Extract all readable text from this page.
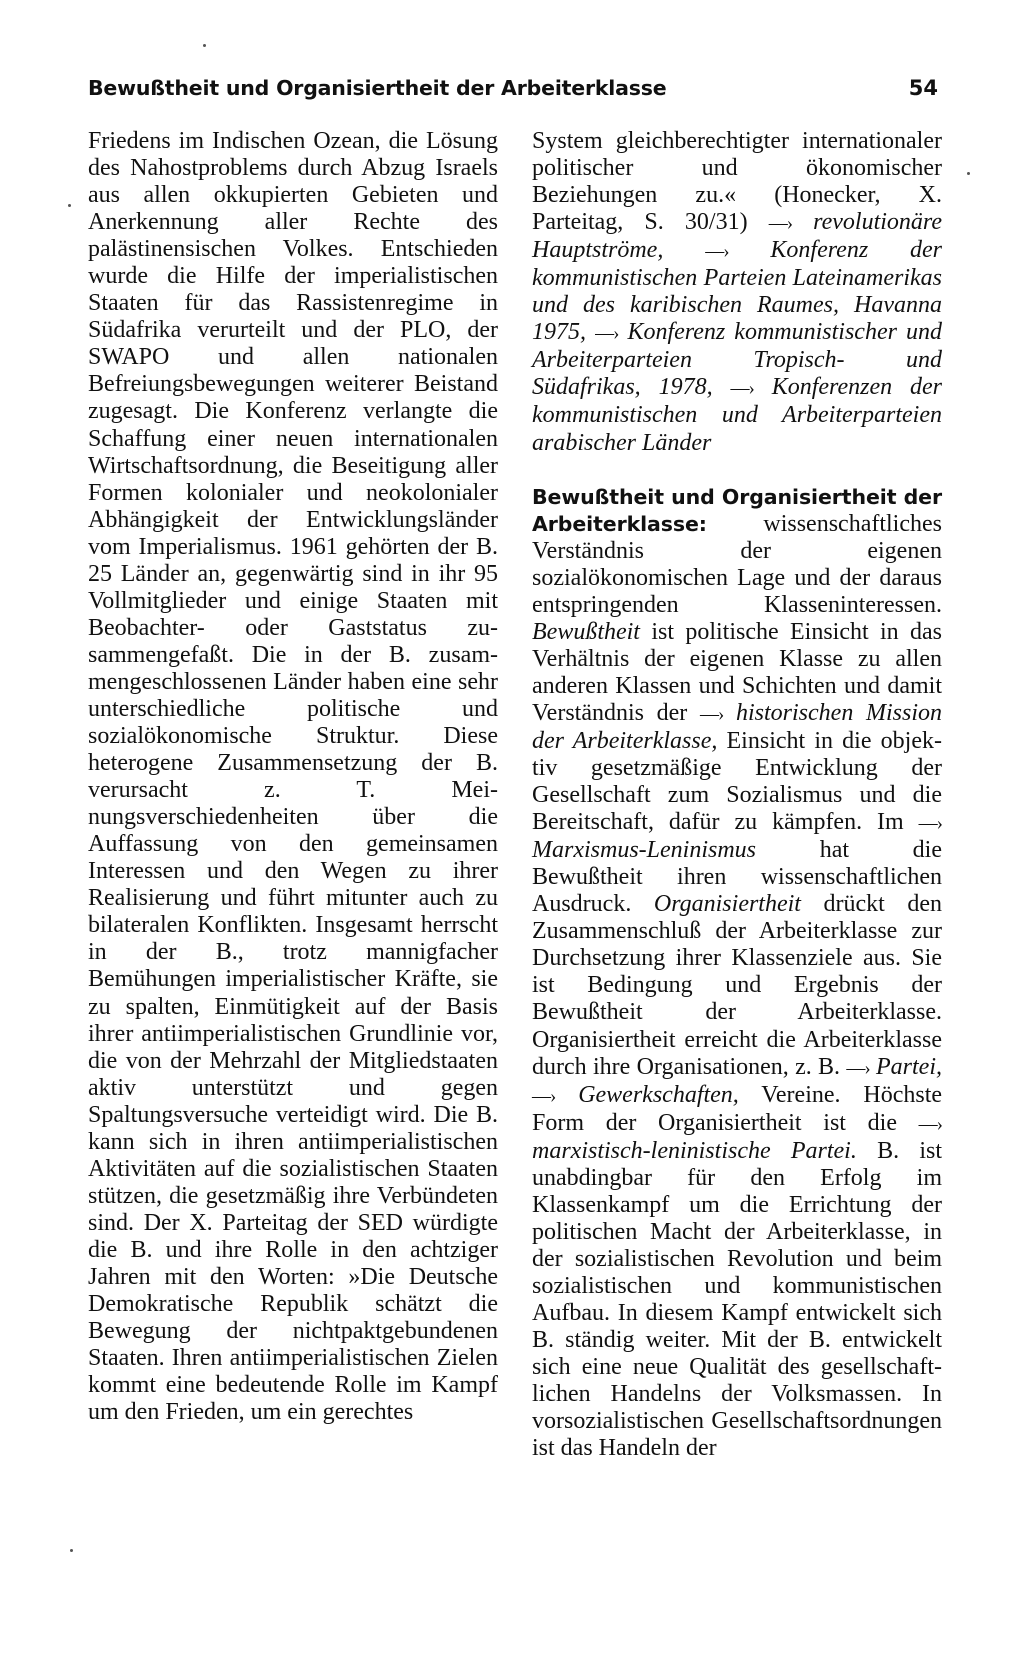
Bewußtheit und Organisiertheit der Arbeiterklasse	54

Friedens im Indischen Ozean, die Lösung des Nahostproblems durch Abzug Israels aus allen okkupierten Gebieten und Anerkennung aller Rechte des palästinensischen Volkes. Entschieden wurde die Hilfe der imperialistischen Staaten für das Rassistenregime in Südafrika verurteilt und der PLO, der SWAPO und allen nationalen Befreiungsbewegungen weiterer Beistand zugesagt. Die Konferenz verlangte die Schaffung einer neuen internationalen Wirtschaftsordnung, die Beseitigung aller Formen kolonialer und neokolonialer Abhängigkeit der Entwicklungsländer vom Imperialismus. 1961 gehörten der B. 25 Länder an, gegenwärtig sind in ihr 95 Vollmitglieder und einige Staaten mit Beobachter- oder Gaststatus zusammengefaßt. Die in der B. zusammengeschlossenen Länder haben eine sehr unterschiedliche politische und sozialökonomische Struktur. Diese heterogene Zusammensetzung der B. verursacht z. T. Meinungsverschiedenheiten über die Auffassung von den gemeinsamen Interessen und den Wegen zu ihrer Realisierung und führt mitunter auch zu bilateralen Konflikten. Insgesamt herrscht in der B., trotz mannigfacher Bemühungen imperialistischer Kräfte, sie zu spalten, Einmütigkeit auf der Basis ihrer antiimperialistischen Grundlinie vor, die von der Mehrzahl der Mitgliedstaaten aktiv unterstützt und gegen Spaltungsversuche verteidigt wird. Die B. kann sich in ihren antiimperialistischen Aktivitäten auf die sozialistischen Staaten stützen, die gesetzmäßig ihre Verbündeten sind. Der X. Parteitag der SED würdigte die B. und ihre Rolle in den achtziger Jahren mit den Worten: »Die Deutsche Demokratische Republik schätzt die Bewegung der nichtpaktgebundenen Staaten. Ihren antiimperialistischen Zielen kommt eine bedeutende Rolle im Kampf um den Frieden, um ein gerechtes

System gleichberechtigter internationaler politischer und ökonomischer Beziehungen zu.« (Honecker, X. Parteitag, S. 30/31) —› revolutionäre Hauptströme, —› Konferenz der kommunistischen Parteien Lateinamerikas und des karibischen Raumes, Havanna 1975, —› Konferenz kommunistischer und Arbeiterparteien Tropisch- und Südafrikas, 1978, —› Konferenzen der kommunistischen und Arbeiterparteien arabischer Länder

Bewußtheit und Organisiertheit der Arbeiterklasse: wissenschaftliches Verständnis der eigenen sozialökonomischen Lage und der daraus entspringenden Klasseninteressen. Bewußtheit ist politische Einsicht in das Verhältnis der eigenen Klasse zu allen anderen Klassen und Schichten und damit Verständnis der —› historischen Mission der Arbeiterklasse, Einsicht in die objektiv gesetzmäßige Entwicklung der Gesellschaft zum Sozialismus und die Bereitschaft, dafür zu kämpfen. Im —› Marxismus-Leninismus hat die Bewußtheit ihren wissenschaftlichen Ausdruck. Organisiertheit drückt den Zusammenschluß der Arbeiterklasse zur Durchsetzung ihrer Klassenziele aus. Sie ist Bedingung und Ergebnis der Bewußtheit der Arbeiterklasse. Organisiertheit erreicht die Arbeiterklasse durch ihre Organisationen, z. B. —› Partei, —› Gewerkschaften, Vereine. Höchste Form der Organisiertheit ist die —› marxistisch-leninistische Partei. B. ist unabdingbar für den Erfolg im Klassenkampf um die Errichtung der politischen Macht der Arbeiterklasse, in der sozialistischen Revolution und beim sozialistischen und kommunistischen Aufbau. In diesem Kampf entwickelt sich B. ständig weiter. Mit der B. entwickelt sich eine neue Qualität des gesellschaftlichen Handelns der Volksmassen. In vorsozialistischen Gesellschaftsordnungen ist das Handeln der
